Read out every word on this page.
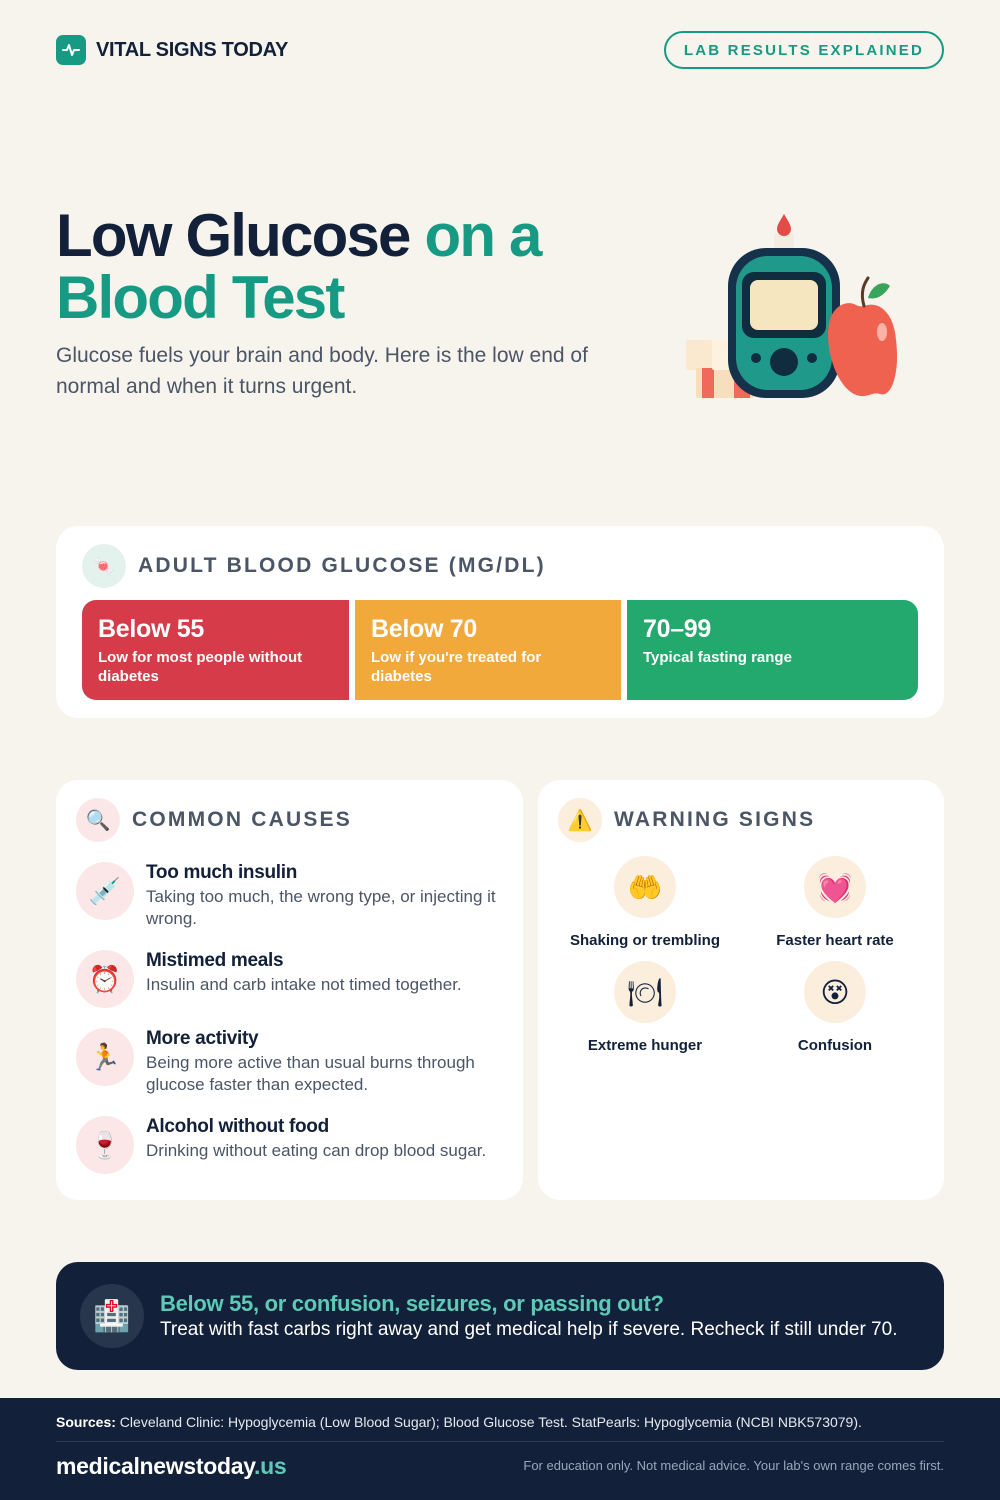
VITAL SIGNS TODAY	LAB RESULTS EXPLAINED
Low Glucose on a Blood Test

Glucose fuels your brain and body. Here is the low end of normal and when it turns urgent.

🍬	ADULT BLOOD GLUCOSE (MG/DL)
Below 55
Low for most people without diabetes
Below 70
Low if you're treated for diabetes
70–99
Typical fasting range
🔍	COMMON CAUSES
💉
Too much insulin
Taking too much, the wrong type, or injecting it wrong.
⏰
Mistimed meals
Insulin and carb intake not timed together.
🏃
More activity
Being more active than usual burns through glucose faster than expected.
🍷
Alcohol without food
Drinking without eating can drop blood sugar.
⚠️	WARNING SIGNS
🤲
Shaking or trembling
💓
Faster heart rate
🍽
Extreme hunger
😵
Confusion
🏥	Below 55, or confusion, seizures, or passing out?
Treat with fast carbs right away and get medical help if severe. Recheck if still under 70.
Sources: Cleveland Clinic: Hypoglycemia (Low Blood Sugar); Blood Glucose Test. StatPearls: Hypoglycemia (NCBI NBK573079).
medicalnewstoday.us	For education only. Not medical advice. Your lab's own range comes first.
